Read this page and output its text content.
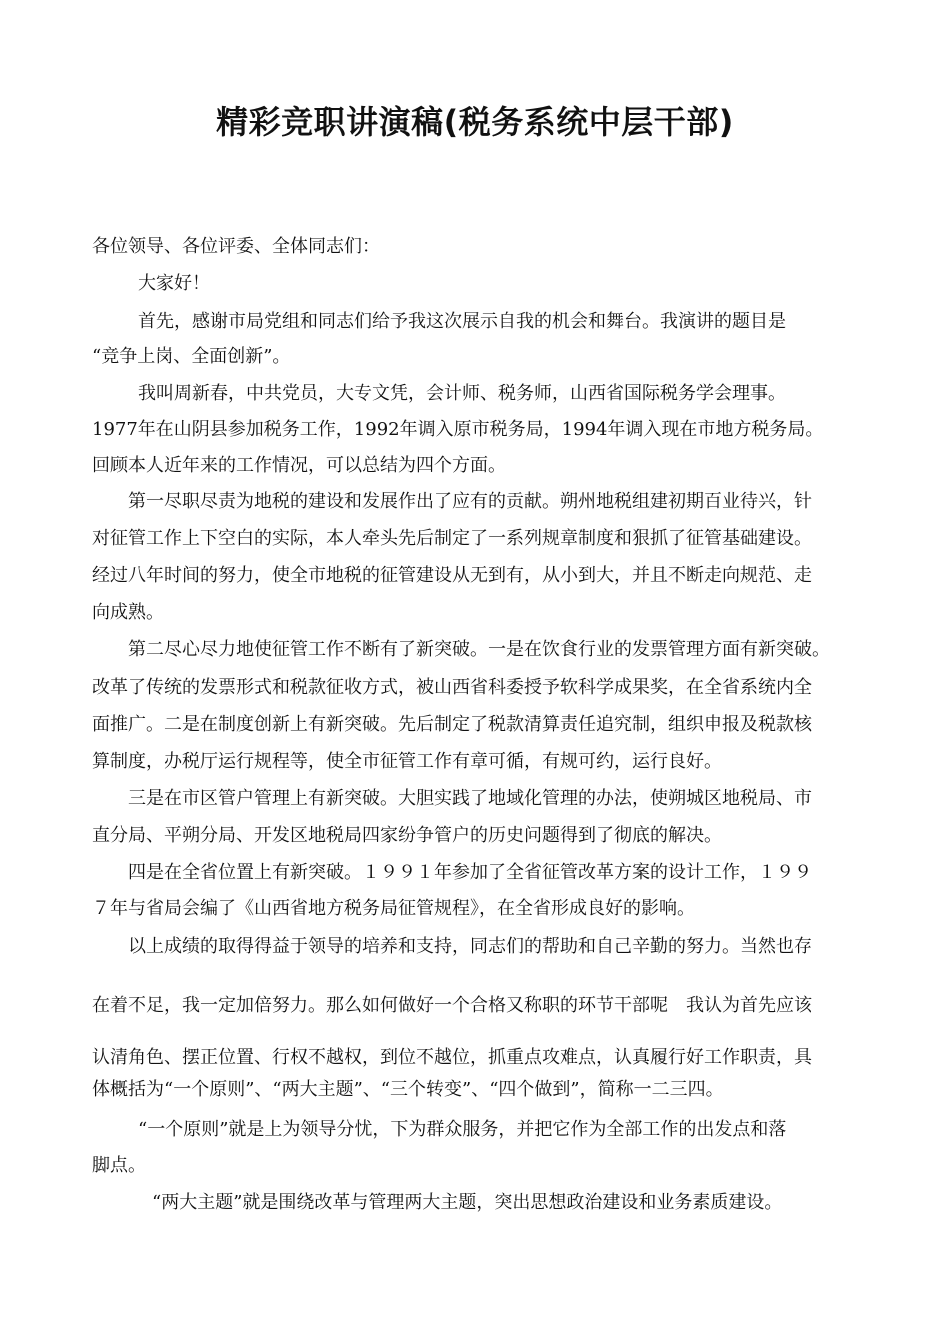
精彩竞职讲演稿(税务系统中层干部)
各位领导、各位评委、全体同志们：
大家好！
首先，感谢市局党组和同志们给予我这次展示自我的机会和舞台。我演讲的题目是
“竞争上岗、全面创新”。
我叫周新春，中共党员，大专文凭，会计师、税务师，山西省国际税务学会理事。
1977年在山阴县参加税务工作，1992年调入原市税务局，1994年调入现在市地方税务局。
回顾本人近年来的工作情况，可以总结为四个方面。
第一尽职尽责为地税的建设和发展作出了应有的贡献。朔州地税组建初期百业待兴，针
对征管工作上下空白的实际，本人牵头先后制定了一系列规章制度和狠抓了征管基础建设。
经过八年时间的努力，使全市地税的征管建设从无到有，从小到大，并且不断走向规范、走
向成熟。
第二尽心尽力地使征管工作不断有了新突破。一是在饮食行业的发票管理方面有新突破。
改革了传统的发票形式和税款征收方式，被山西省科委授予软科学成果奖，在全省系统内全
面推广。二是在制度创新上有新突破。先后制定了税款清算责任追究制，组织申报及税款核
算制度，办税厅运行规程等，使全市征管工作有章可循，有规可约，运行良好。
三是在市区管户管理上有新突破。大胆实践了地域化管理的办法，使朔城区地税局、市
直分局、平朔分局、开发区地税局四家纷争管户的历史问题得到了彻底的解决。
四是在全省位置上有新突破。１９９１年参加了全省征管改革方案的设计工作，１９９
７年与省局会编了《山西省地方税务局征管规程》，在全省形成良好的影响。
以上成绩的取得得益于领导的培养和支持，同志们的帮助和自己辛勤的努力。当然也存
在着不足，我一定加倍努力。那么如何做好一个合格又称职的环节干部呢　我认为首先应该
认清角色、摆正位置、行权不越权，到位不越位，抓重点攻难点，认真履行好工作职责，具
体概括为“一个原则”、“两大主题”、“三个转变”、“四个做到”，简称一二三四。
“一个原则”就是上为领导分忧，下为群众服务，并把它作为全部工作的出发点和落
脚点。
“两大主题”就是围绕改革与管理两大主题，突出思想政治建设和业务素质建设。
